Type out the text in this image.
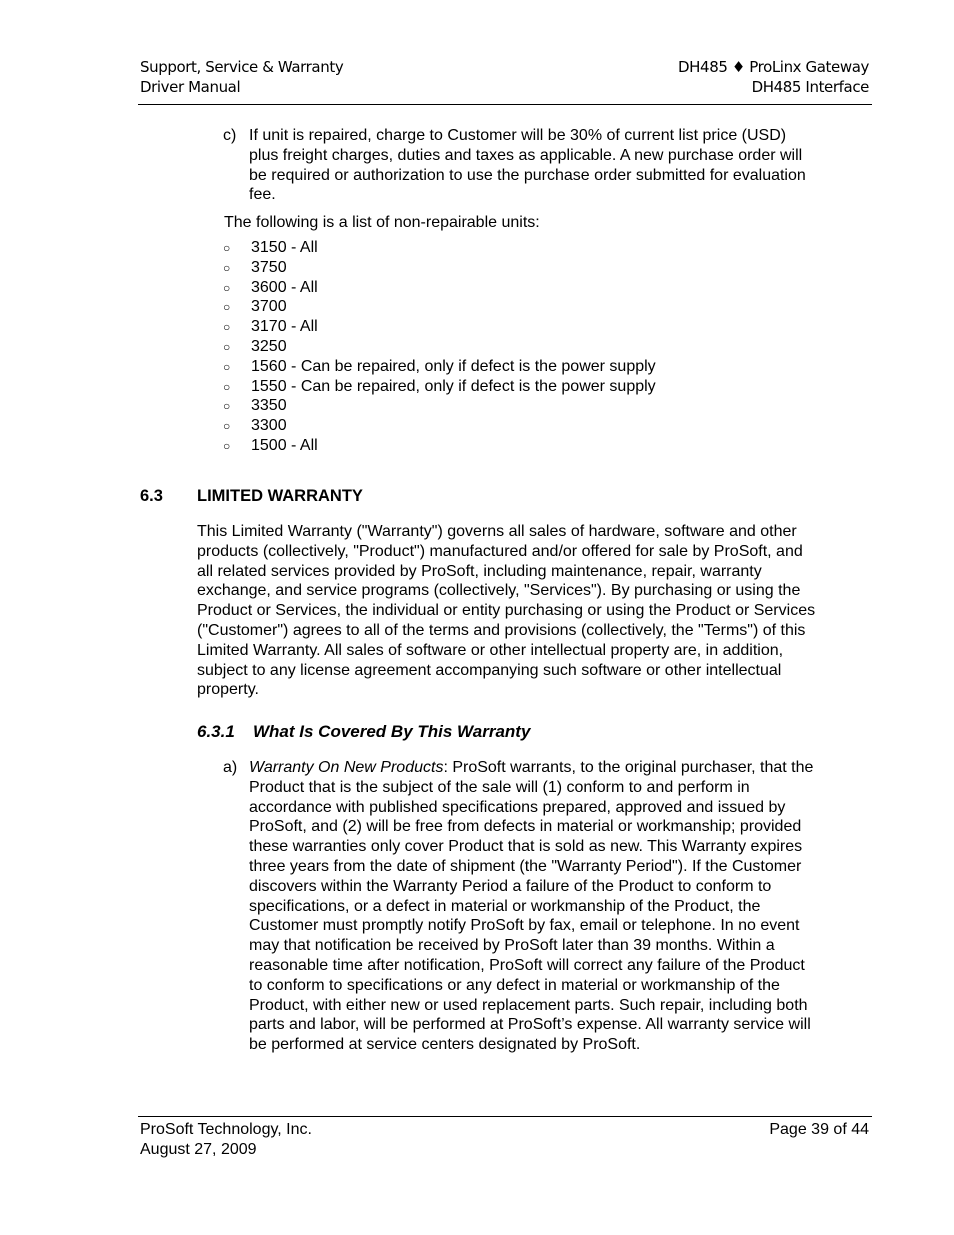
Support, Service & Warranty
Driver Manual
DH485 ♦ ProLinx Gateway
DH485 Interface
c) If unit is repaired, charge to Customer will be 30% of current list price (USD) plus freight charges, duties and taxes as applicable. A new purchase order will be required or authorization to use the purchase order submitted for evaluation fee.
The following is a list of non-repairable units:
○ 3150 - All
○ 3750
○ 3600 - All
○ 3700
○ 3170 - All
○ 3250
○ 1560 - Can be repaired, only if defect is the power supply
○ 1550 - Can be repaired, only if defect is the power supply
○ 3350
○ 3300
○ 1500 - All
6.3 LIMITED WARRANTY
This Limited Warranty ("Warranty") governs all sales of hardware, software and other products (collectively, "Product") manufactured and/or offered for sale by ProSoft, and all related services provided by ProSoft, including maintenance, repair, warranty exchange, and service programs (collectively, "Services"). By purchasing or using the Product or Services, the individual or entity purchasing or using the Product or Services ("Customer") agrees to all of the terms and provisions (collectively, the "Terms") of this Limited Warranty. All sales of software or other intellectual property are, in addition, subject to any license agreement accompanying such software or other intellectual property.
6.3.1 What Is Covered By This Warranty
a) Warranty On New Products: ProSoft warrants, to the original purchaser, that the Product that is the subject of the sale will (1) conform to and perform in accordance with published specifications prepared, approved and issued by ProSoft, and (2) will be free from defects in material or workmanship; provided these warranties only cover Product that is sold as new. This Warranty expires three years from the date of shipment (the "Warranty Period"). If the Customer discovers within the Warranty Period a failure of the Product to conform to specifications, or a defect in material or workmanship of the Product, the Customer must promptly notify ProSoft by fax, email or telephone. In no event may that notification be received by ProSoft later than 39 months. Within a reasonable time after notification, ProSoft will correct any failure of the Product to conform to specifications or any defect in material or workmanship of the Product, with either new or used replacement parts. Such repair, including both parts and labor, will be performed at ProSoft’s expense. All warranty service will be performed at service centers designated by ProSoft.
ProSoft Technology, Inc.
August 27, 2009
Page 39 of 44
